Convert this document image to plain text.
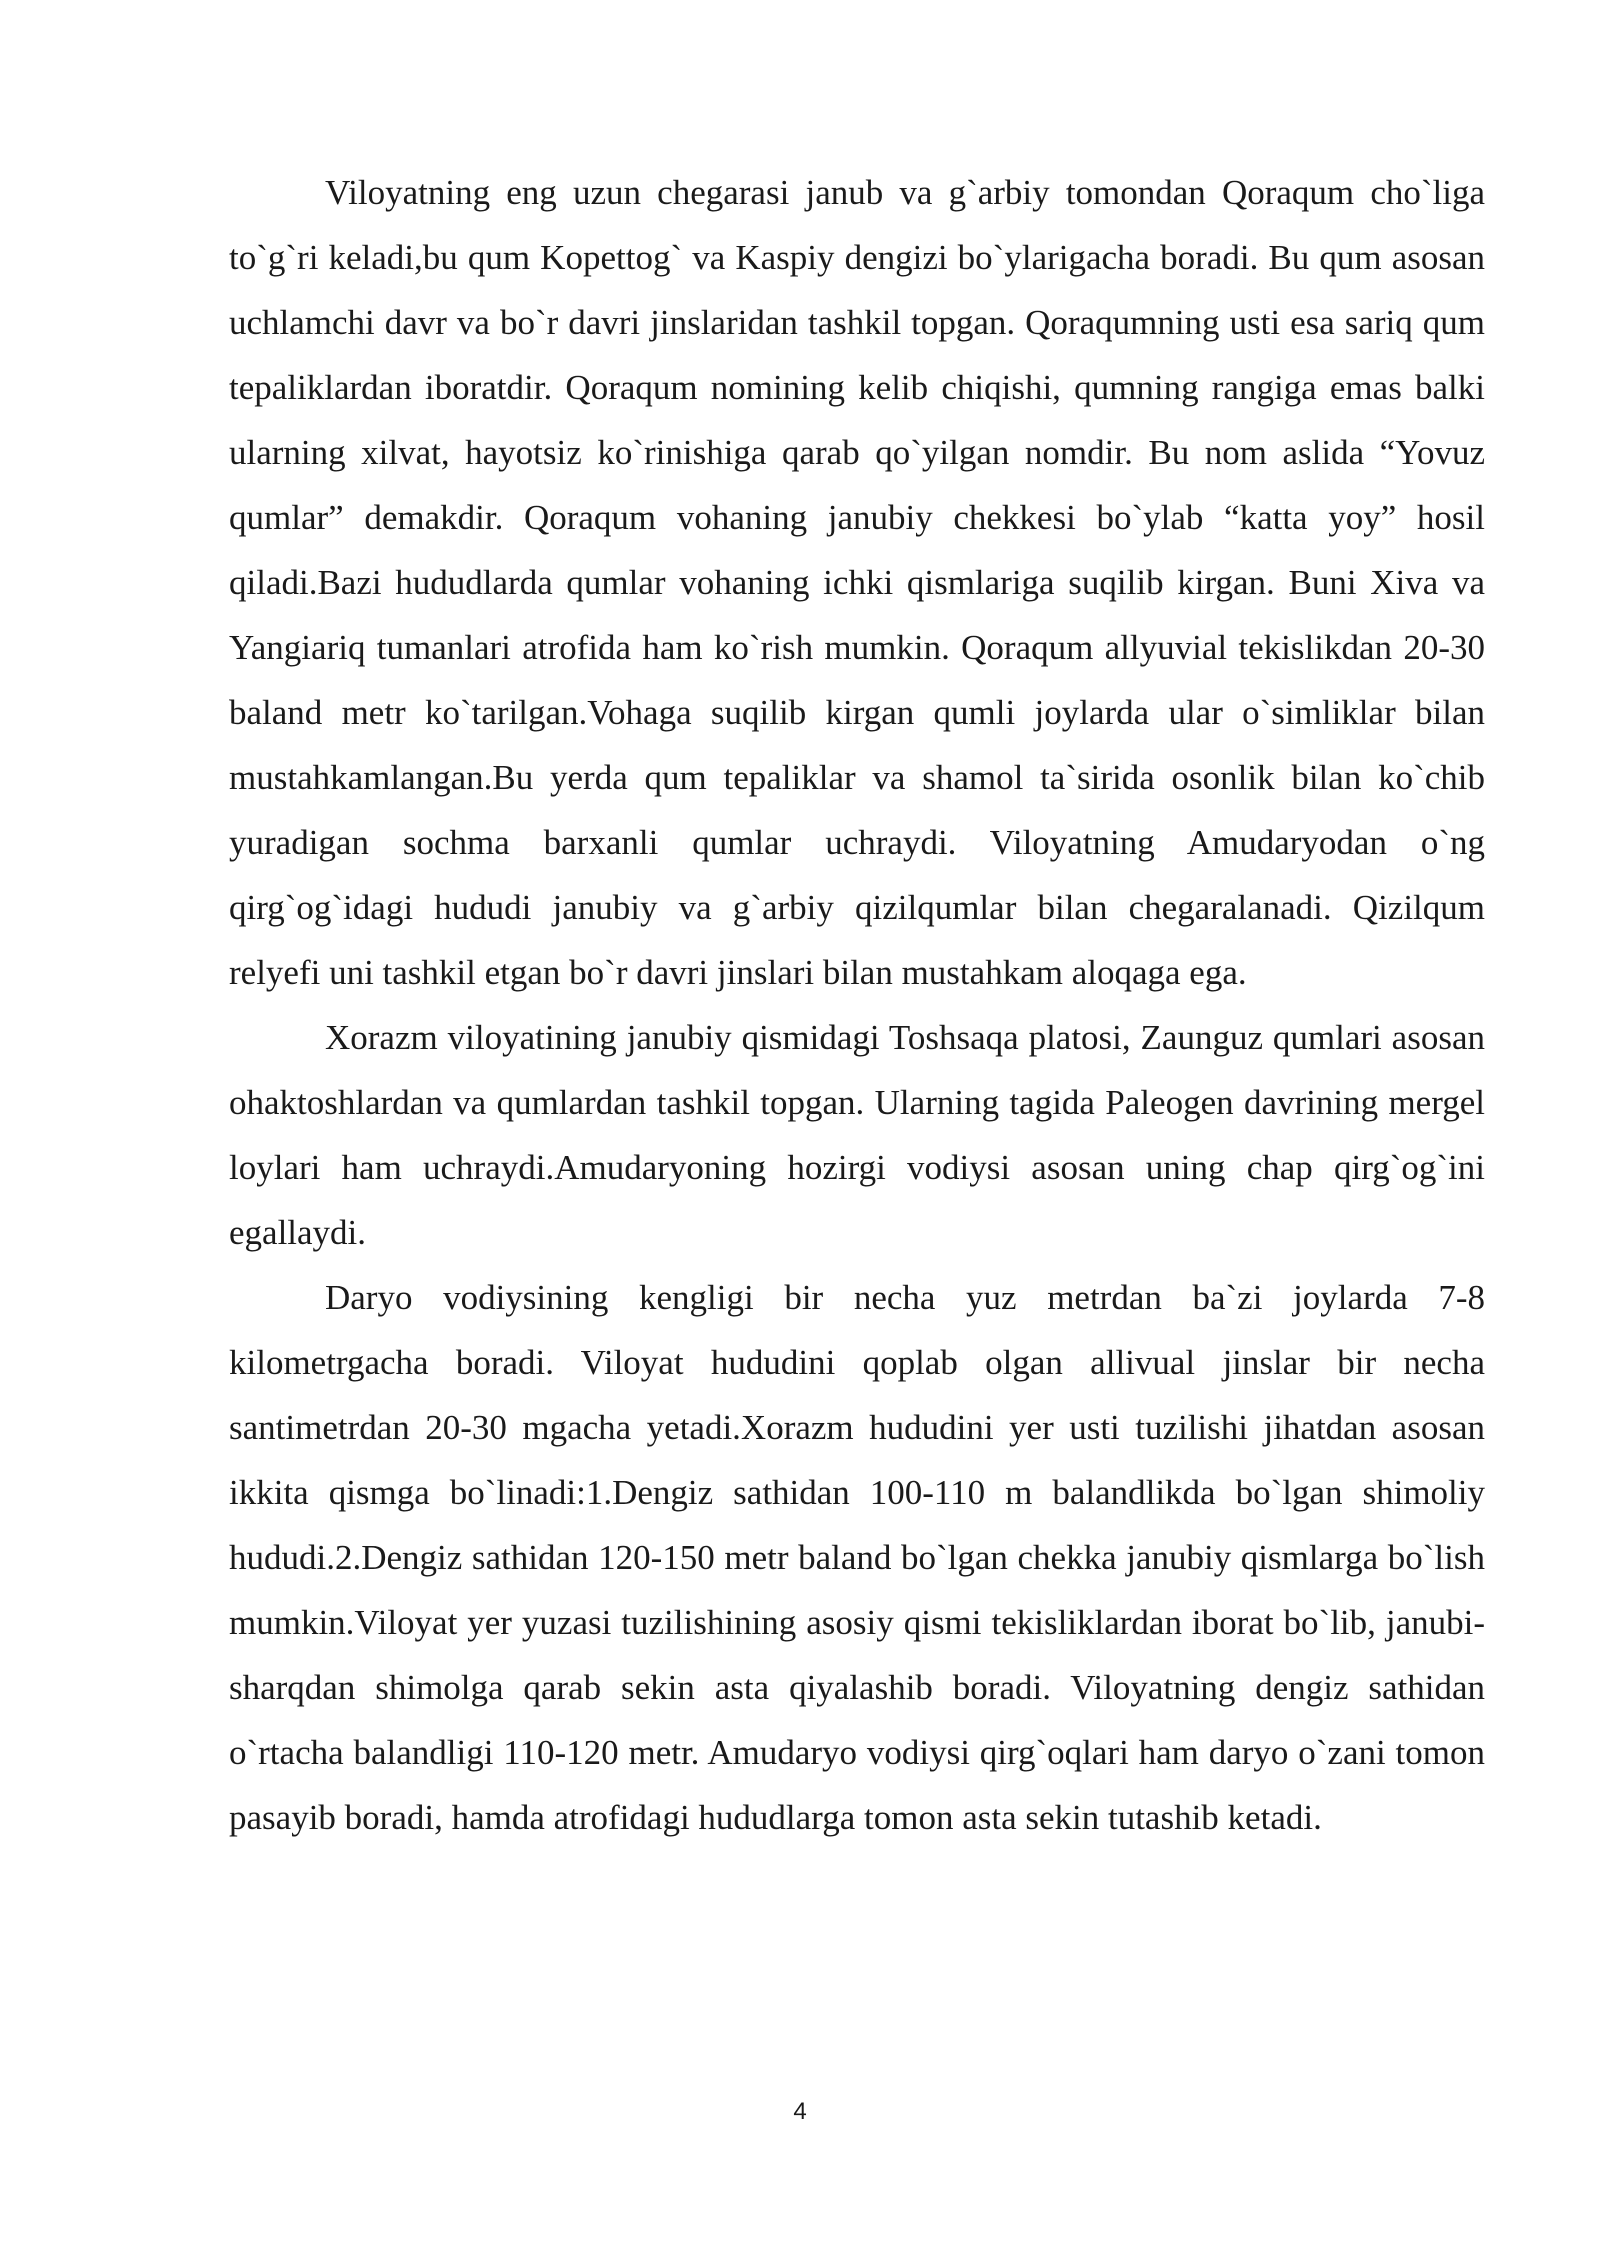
Viloyatning eng uzun chegarasi janub va g`arbiy tomondan Qoraqum cho`liga to`g`ri keladi,bu qum Kopettog` va Kaspiy dengizi bo`ylarigacha boradi. Bu qum asosan uchlamchi davr va bo`r davri jinslaridan tashkil topgan. Qoraqumning usti esa sariq qum tepaliklardan iboratdir. Qoraqum nomining kelib chiqishi, qumning rangiga emas balki ularning xilvat, hayotsiz ko`rinishiga qarab qo`yilgan nomdir. Bu nom aslida “Yovuz qumlar” demakdir. Qoraqum vohaning janubiy chekkesi bo`ylab “katta yoy” hosil qiladi.Bazi hududlarda qumlar vohaning ichki qismlariga suqilib kirgan. Buni Xiva va Yangiariq tumanlari atrofida ham ko`rish mumkin. Qoraqum allyuvial tekislikdan 20-30 baland metr ko`tarilgan.Vohaga suqilib kirgan qumli joylarda ular o`simliklar bilan mustahkamlangan.Bu yerda qum tepaliklar va shamol ta`sirida osonlik bilan ko`chib yuradigan sochma barxanli qumlar uchraydi. Viloyatning Amudaryodan o`ng qirg`og`idagi hududi janubiy va g`arbiy qizilqumlar bilan chegaralanadi. Qizilqum relyefi uni tashkil etgan bo`r davri jinslari bilan mustahkam aloqaga ega.

Xorazm viloyatining janubiy qismidagi Toshsaqa platosi, Zaunguz qumlari asosan ohaktoshlardan va qumlardan tashkil topgan. Ularning tagida Paleogen davrining mergel loylari ham uchraydi.Amudaryoning hozirgi vodiysi asosan uning chap qirg`og`ini egallaydi.

Daryo vodiysining kengligi bir necha yuz metrdan ba`zi joylarda 7-8 kilometrgacha boradi. Viloyat hududini qoplab olgan allivual jinslar bir necha santimetrdan 20-30 mgacha yetadi.Xorazm hududini yer usti tuzilishi jihatdan asosan ikkita qismga bo`linadi:1.Dengiz sathidan 100-110 m balandlikda bo`lgan shimoliy hududi.2.Dengiz sathidan 120-150 metr baland bo`lgan chekka janubiy qismlarga bo`lish mumkin.Viloyat yer yuzasi tuzilishining asosiy qismi tekisliklardan iborat bo`lib, janubi-sharqdan shimolga qarab sekin asta qiyalashib boradi. Viloyatning dengiz sathidan o`rtacha balandligi 110-120 metr. Amudaryo vodiysi qirg`oqlari ham daryo o`zani tomon pasayib boradi, hamda atrofidagi hududlarga tomon asta sekin tutashib ketadi.

4
